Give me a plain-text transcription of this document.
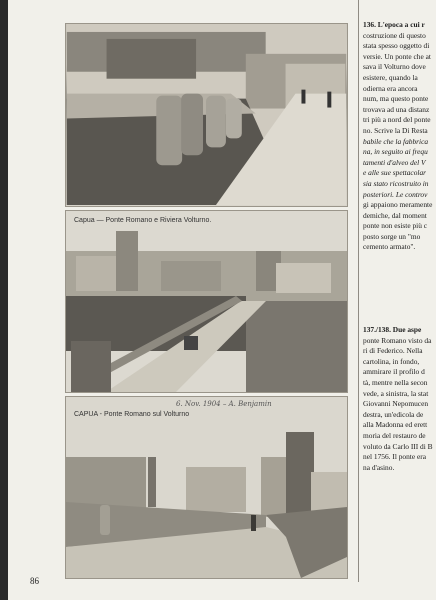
Capua — Ponte Romano e Riviera Volturno.
CAPUA - Ponte Romano sul Volturno
6. Nov. 1904 – A. Benjamin
86
136. L'epoca a cui r
costruzione di questo
stata spesso oggetto di
versie. Un ponte che at
sava il Volturno dove
esistere, quando la
odierna era ancora
num, ma questo ponte
trovava ad una distanz
tri più a nord del ponte
no. Scrive la Di Resta
babile che la fabbrica
na, in seguito ai frequ
tamenti d'alveo del V
e alle sue spettacolar
sia stato ricostruito in
posteriori. Le controv
gi appaiono meramente
demiche, dal moment
ponte non esiste più c
posto sorge un "mo
cemento armato".
137./138. Due aspe
ponte Romano visto da
ri di Federico. Nella
cartolina, in fondo,
ammirare il profilo d
tà, mentre nella secon
vede, a sinistra, la stat
Giovanni Nepomucen
destra, un'edicola de
alla Madonna ed erett
moria del restauro de
voluto da Carlo III di B
nel 1756. Il ponte era
na d'asino.
